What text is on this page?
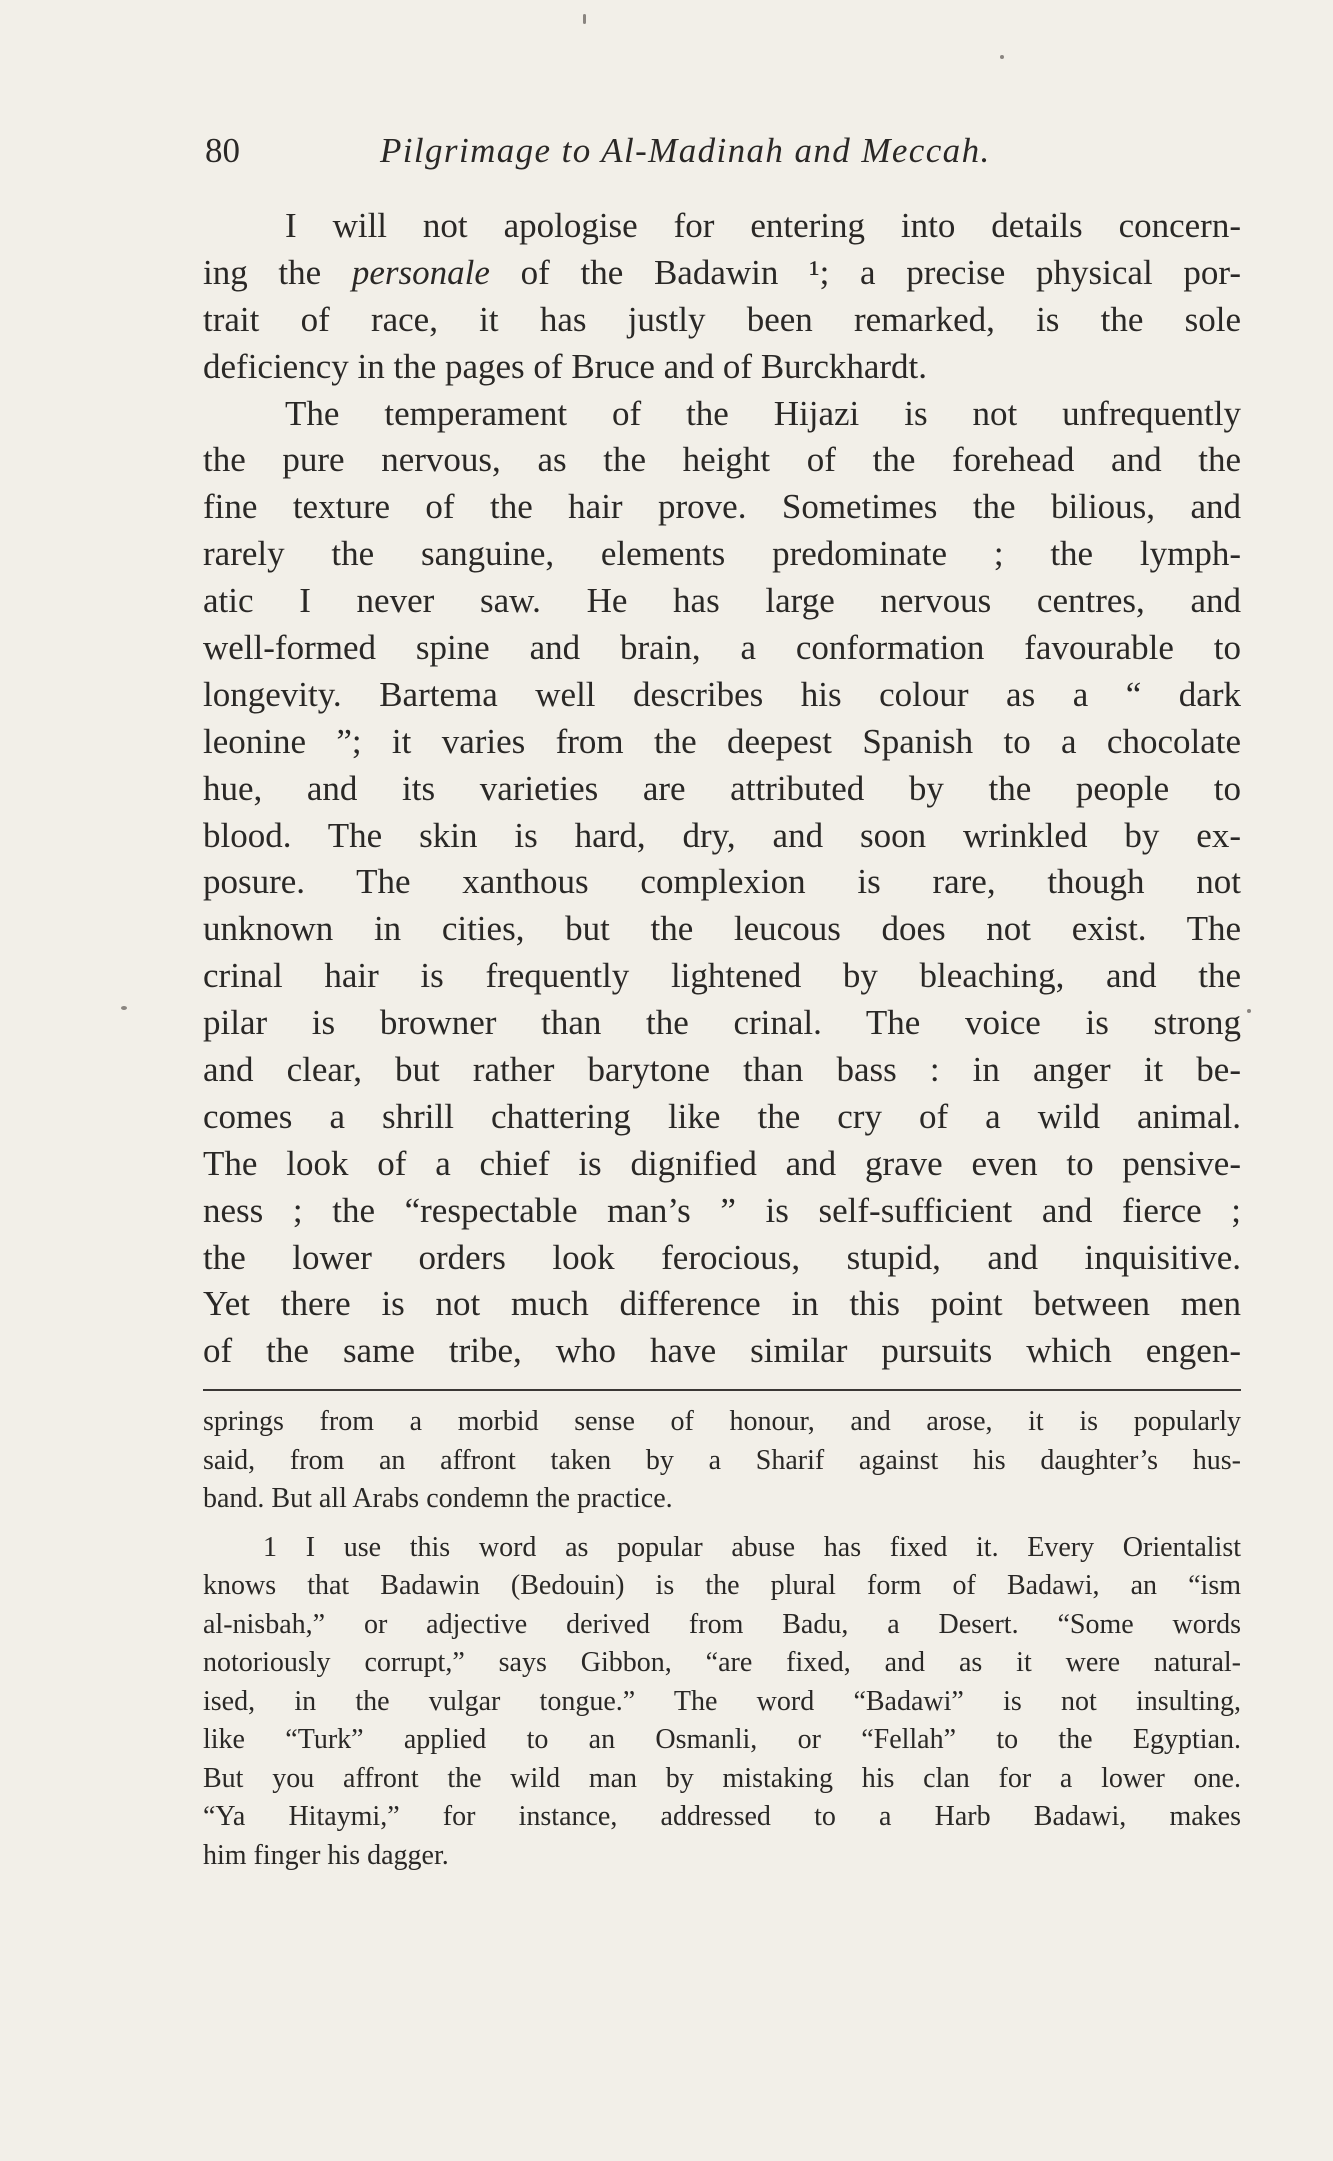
80	Pilgrimage to Al-Madinah and Meccah.
I will not apologise for entering into details concern-
ing the personale of the Badawin ¹; a precise physical por-
trait of race, it has justly been remarked, is the sole
deficiency in the pages of Bruce and of Burckhardt.
The temperament of the Hijazi is not unfrequently
the pure nervous, as the height of the forehead and the
fine texture of the hair prove. Sometimes the bilious, and
rarely the sanguine, elements predominate ; the lymph-
atic I never saw. He has large nervous centres, and
well-formed spine and brain, a conformation favourable to
longevity. Bartema well describes his colour as a “ dark
leonine ”; it varies from the deepest Spanish to a chocolate
hue, and its varieties are attributed by the people to
blood. The skin is hard, dry, and soon wrinkled by ex-
posure. The xanthous complexion is rare, though not
unknown in cities, but the leucous does not exist. The
crinal hair is frequently lightened by bleaching, and the
pilar is browner than the crinal. The voice is strong
and clear, but rather barytone than bass : in anger it be-
comes a shrill chattering like the cry of a wild animal.
The look of a chief is dignified and grave even to pensive-
ness ; the “respectable man’s ” is self-sufficient and fierce ;
the lower orders look ferocious, stupid, and inquisitive.
Yet there is not much difference in this point between men
of the same tribe, who have similar pursuits which engen-
springs from a morbid sense of honour, and arose, it is popularly
said, from an affront taken by a Sharif against his daughter’s hus-
band. But all Arabs condemn the practice.
1 I use this word as popular abuse has fixed it. Every Orientalist
knows that Badawin (Bedouin) is the plural form of Badawi, an “ism
al-nisbah,” or adjective derived from Badu, a Desert. “Some words
notoriously corrupt,” says Gibbon, “are fixed, and as it were natural-
ised, in the vulgar tongue.” The word “Badawi” is not insulting,
like “Turk” applied to an Osmanli, or “Fellah” to the Egyptian.
But you affront the wild man by mistaking his clan for a lower one.
“Ya Hitaymi,” for instance, addressed to a Harb Badawi, makes
him finger his dagger.
